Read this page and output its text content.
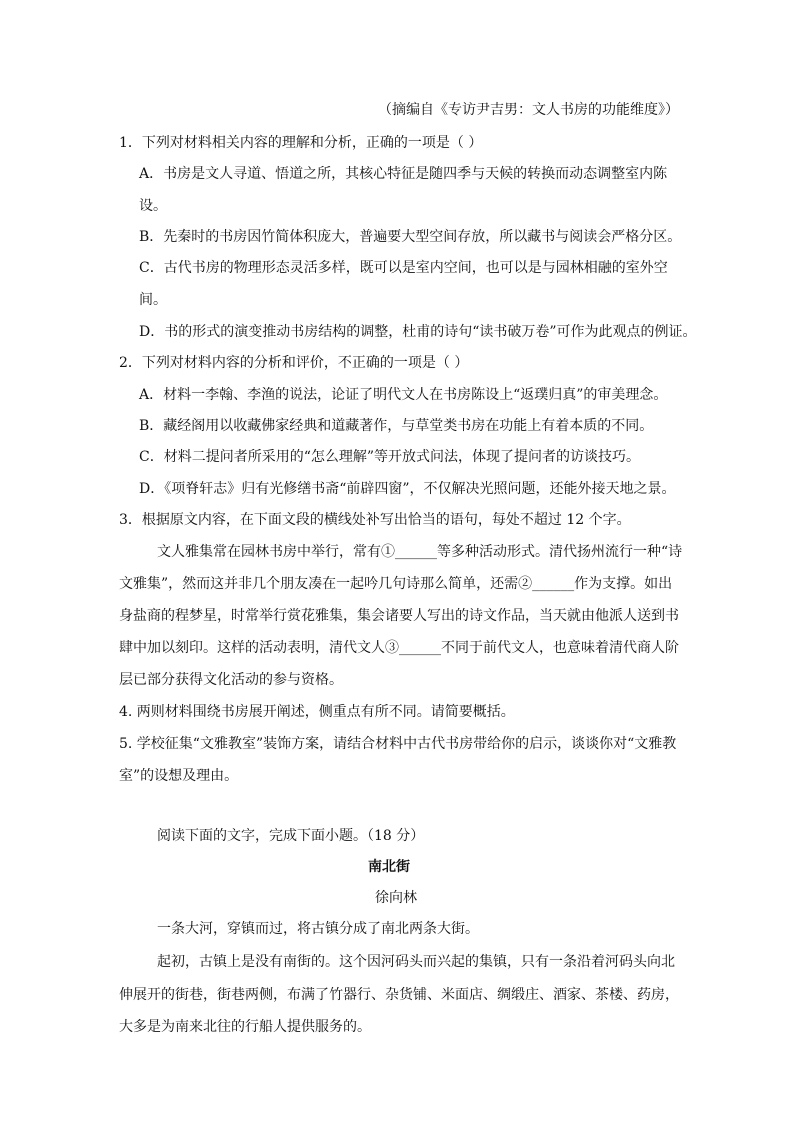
（摘编自《专访尹吉男：文人书房的功能维度》）
1．下列对材料相关内容的理解和分析，正确的一项是（ ）
A．书房是文人寻道、悟道之所，其核心特征是随四季与天候的转换而动态调整室内陈
设。
B．先秦时的书房因竹简体积庞大，普遍要大型空间存放，所以藏书与阅读会严格分区。
C．古代书房的物理形态灵活多样，既可以是室内空间，也可以是与园林相融的室外空
间。
D．书的形式的演变推动书房结构的调整，杜甫的诗句“读书破万卷”可作为此观点的例证。
2．下列对材料内容的分析和评价，不正确的一项是（ ）
A．材料一李翰、李渔的说法，论证了明代文人在书房陈设上“返璞归真”的审美理念。
B．藏经阁用以收藏佛家经典和道藏著作，与草堂类书房在功能上有着本质的不同。
C．材料二提问者所采用的“怎么理解”等开放式问法，体现了提问者的访谈技巧。
D．《项脊轩志》归有光修缮书斋“前辟四窗”，不仅解决光照问题，还能外接天地之景。
3．根据原文内容，在下面文段的横线处补写出恰当的语句，每处不超过 12 个字。
文人雅集常在园林书房中举行，常有①______等多种活动形式。清代扬州流行一种“诗
文雅集”，然而这并非几个朋友凑在一起吟几句诗那么简单，还需②______作为支撑。如出
身盐商的程梦星，时常举行赏花雅集，集会诸要人写出的诗文作品，当天就由他派人送到书
肆中加以刻印。这样的活动表明，清代文人③______不同于前代文人，也意味着清代商人阶
层已部分获得文化活动的参与资格。
4. 两则材料围绕书房展开阐述，侧重点有所不同。请简要概括。
5. 学校征集“文雅教室”装饰方案，请结合材料中古代书房带给你的启示，谈谈你对“文雅教
室”的设想及理由。
阅读下面的文字，完成下面小题。（18 分）
南北街
徐向林
一条大河，穿镇而过，将古镇分成了南北两条大街。
起初，古镇上是没有南街的。这个因河码头而兴起的集镇，只有一条沿着河码头向北
伸展开的街巷，街巷两侧，布满了竹器行、杂货铺、米面店、绸缎庄、酒家、茶楼、药房，
大多是为南来北往的行船人提供服务的。
